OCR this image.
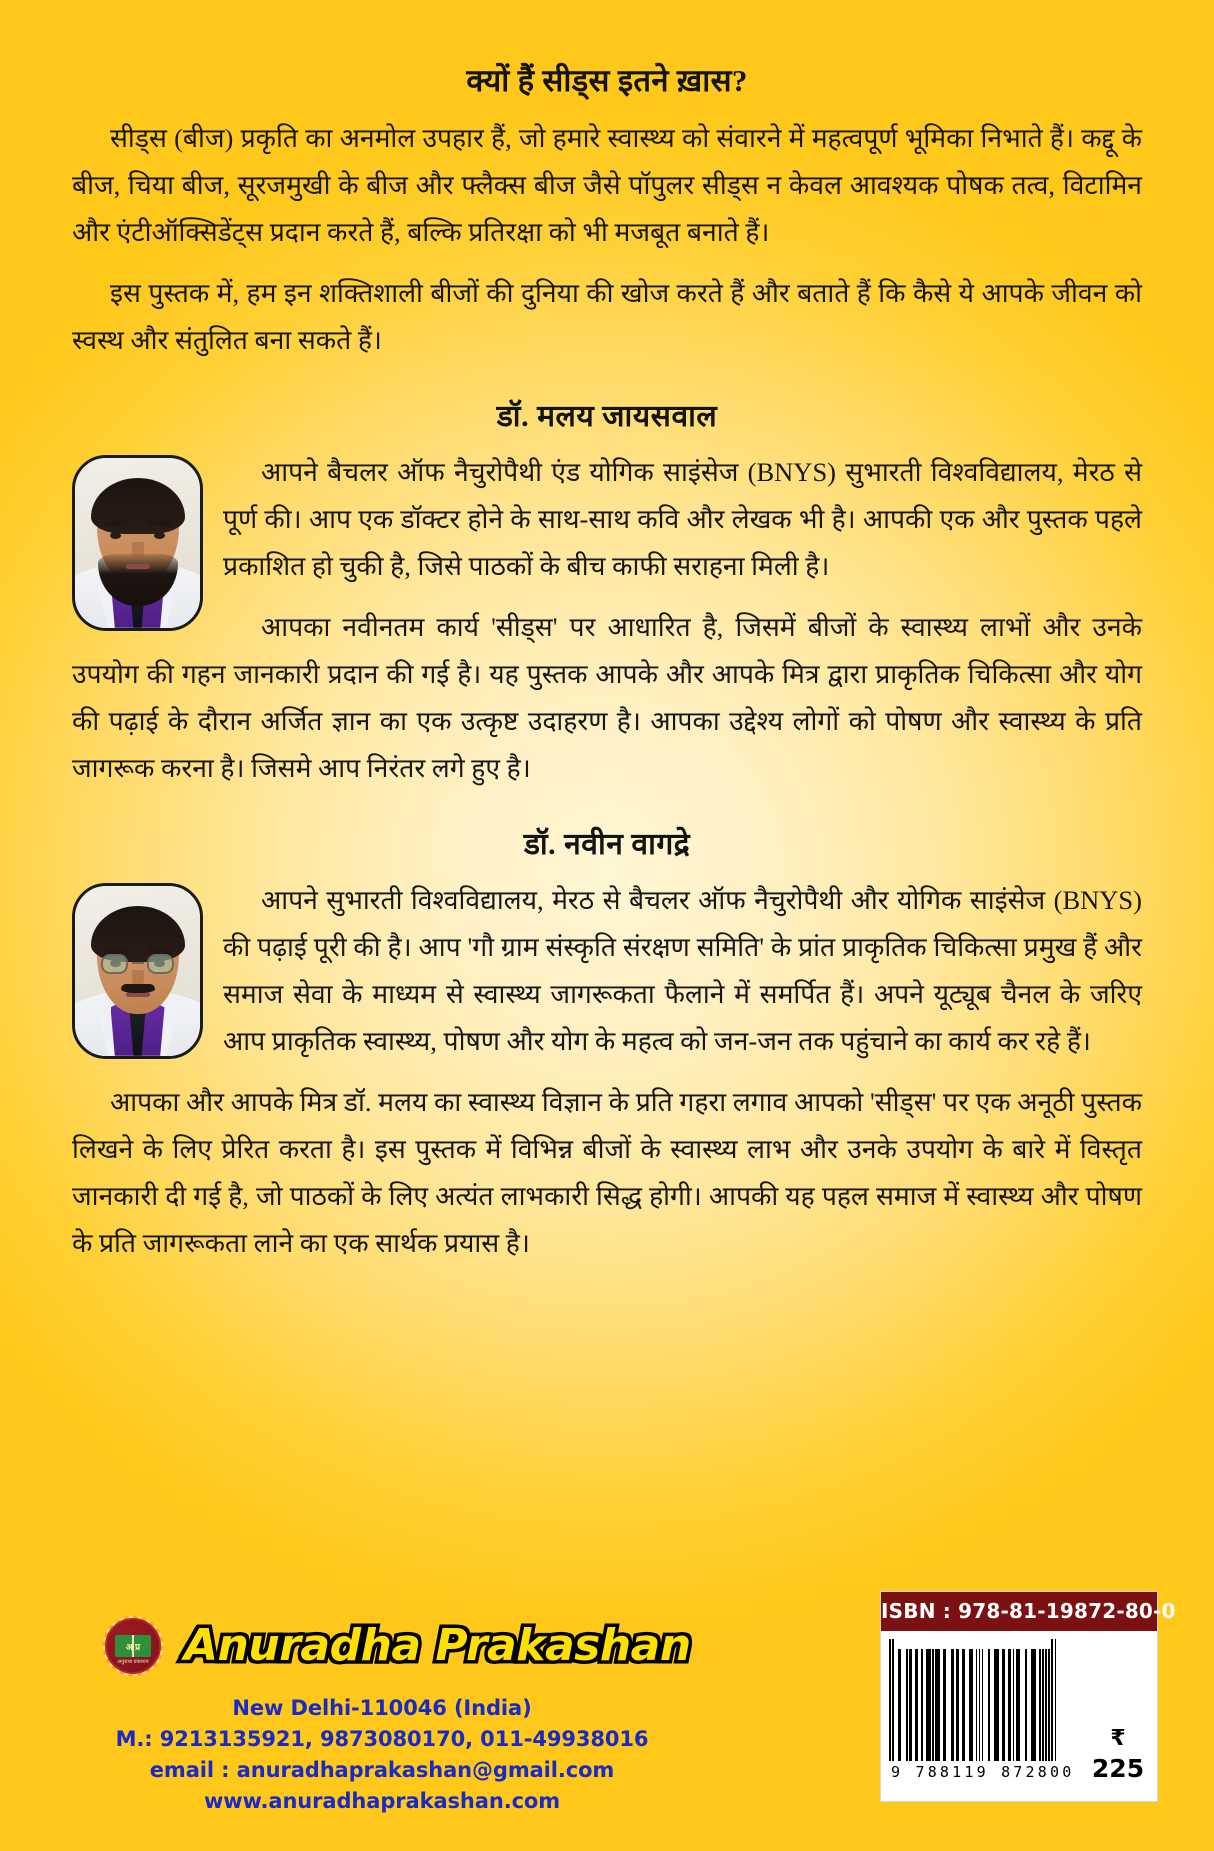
क्यों हैं सीड्स इतने ख़ास?

सीड्स (बीज) प्रकृति का अनमोल उपहार हैं, जो हमारे स्वास्थ्य को संवारने में महत्वपूर्ण भूमिका निभाते हैं। कद्दू के बीज, चिया बीज, सूरजमुखी के बीज और फ्लैक्स बीज जैसे पॉपुलर सीड्स न केवल आवश्यक पोषक तत्व, विटामिन और एंटीऑक्सिडेंट्स प्रदान करते हैं, बल्कि प्रतिरक्षा को भी मजबूत बनाते हैं।

इस पुस्तक में, हम इन शक्तिशाली बीजों की दुनिया की खोज करते हैं और बताते हैं कि कैसे ये आपके जीवन को स्वस्थ और संतुलित बना सकते हैं।

डॉ. मलय जायसवाल

आपने बैचलर ऑफ नैचुरोपैथी एंड योगिक साइंसेज (BNYS) सुभारती विश्वविद्यालय, मेरठ से पूर्ण की। आप एक डॉक्टर होने के साथ-साथ कवि और लेखक भी है। आपकी एक और पुस्तक पहले प्रकाशित हो चुकी है, जिसे पाठकों के बीच काफी सराहना मिली है।

आपका नवीनतम कार्य 'सीड्स' पर आधारित है, जिसमें बीजों के स्वास्थ्य लाभों और उनके उपयोग की गहन जानकारी प्रदान की गई है। यह पुस्तक आपके और आपके मित्र द्वारा प्राकृतिक चिकित्सा और योग की पढ़ाई के दौरान अर्जित ज्ञान का एक उत्कृष्ट उदाहरण है। आपका उद्देश्य लोगों को पोषण और स्वास्थ्य के प्रति जागरूक करना है। जिसमे आप निरंतर लगे हुए है।

डॉ. नवीन वागद्रे

आपने सुभारती विश्वविद्यालय, मेरठ से बैचलर ऑफ नैचुरोपैथी और योगिक साइंसेज (BNYS) की पढ़ाई पूरी की है। आप 'गौ ग्राम संस्कृति संरक्षण समिति' के प्रांत प्राकृतिक चिकित्सा प्रमुख हैं और समाज सेवा के माध्यम से स्वास्थ्य जागरूकता फैलाने में समर्पित हैं। अपने यूट्यूब चैनल के जरिए आप प्राकृतिक स्वास्थ्य, पोषण और योग के महत्व को जन-जन तक पहुंचाने का कार्य कर रहे हैं।

आपका और आपके मित्र डॉ. मलय का स्वास्थ्य विज्ञान के प्रति गहरा लगाव आपको 'सीड्स' पर एक अनूठी पुस्तक लिखने के लिए प्रेरित करता है। इस पुस्तक में विभिन्न बीजों के स्वास्थ्य लाभ और उनके उपयोग के बारे में विस्तृत जानकारी दी गई है, जो पाठकों के लिए अत्यंत लाभकारी सिद्ध होगी। आपकी यह पहल समाज में स्वास्थ्य और पोषण के प्रति जागरूकता लाने का एक सार्थक प्रयास है।

अ प्र
अनुराधा प्रकाशन Anuradha Prakashan
New Delhi-110046 (India)
M.: 9213135921, 9873080170, 011-49938016
email : anuradhaprakashan@gmail.com
www.anuradhaprakashan.com
ISBN : 978-81-19872-80-0
9 788119 872800
₹
225
